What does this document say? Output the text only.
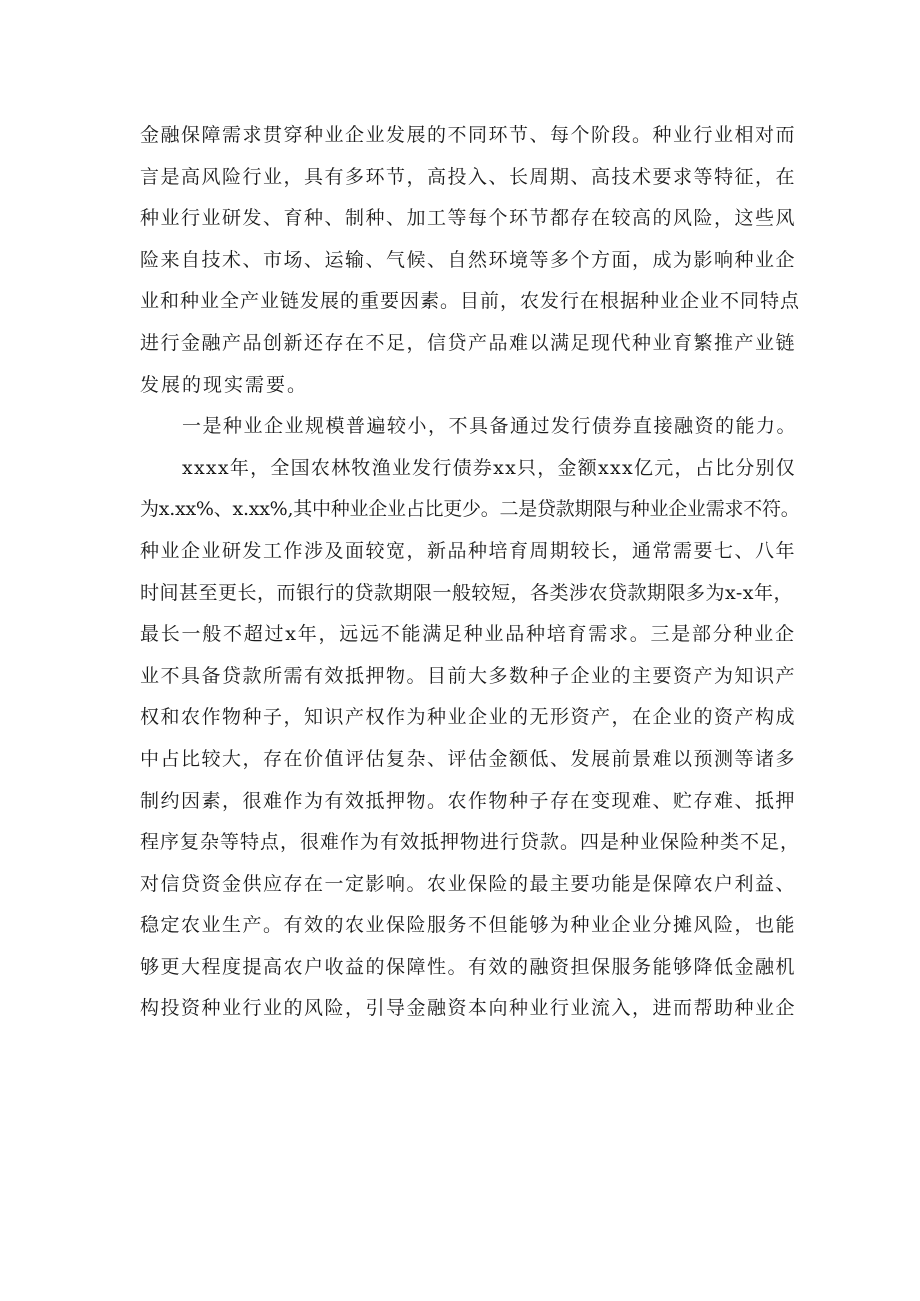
金融保障需求贯穿种业企业发展的不同环节、每个阶段。种业行业相对而
言是高风险行业，具有多环节，高投入、长周期、高技术要求等特征，在
种业行业研发、育种、制种、加工等每个环节都存在较高的风险，这些风
险来自技术、市场、运输、气候、自然环境等多个方面，成为影响种业企
业和种业全产业链发展的重要因素。目前，农发行在根据种业企业不同特点
进行金融产品创新还存在不足，信贷产品难以满足现代种业育繁推产业链
发展的现实需要。
一是种业企业规模普遍较小，不具备通过发行债券直接融资的能力。
xxxx年，全国农林牧渔业发行债券xx只，金额xxx亿元，占比分别仅
为x.xx%、x.xx%,其中种业企业占比更少。二是贷款期限与种业企业需求不符。
种业企业研发工作涉及面较宽，新品种培育周期较长，通常需要七、八年
时间甚至更长，而银行的贷款期限一般较短，各类涉农贷款期限多为x-x年，
最长一般不超过x年，远远不能满足种业品种培育需求。三是部分种业企
业不具备贷款所需有效抵押物。目前大多数种子企业的主要资产为知识产
权和农作物种子，知识产权作为种业企业的无形资产，在企业的资产构成
中占比较大，存在价值评估复杂、评估金额低、发展前景难以预测等诸多
制约因素，很难作为有效抵押物。农作物种子存在变现难、贮存难、抵押
程序复杂等特点，很难作为有效抵押物进行贷款。四是种业保险种类不足，
对信贷资金供应存在一定影响。农业保险的最主要功能是保障农户利益、
稳定农业生产。有效的农业保险服务不但能够为种业企业分摊风险，也能
够更大程度提高农户收益的保障性。有效的融资担保服务能够降低金融机
构投资种业行业的风险，引导金融资本向种业行业流入，进而帮助种业企
